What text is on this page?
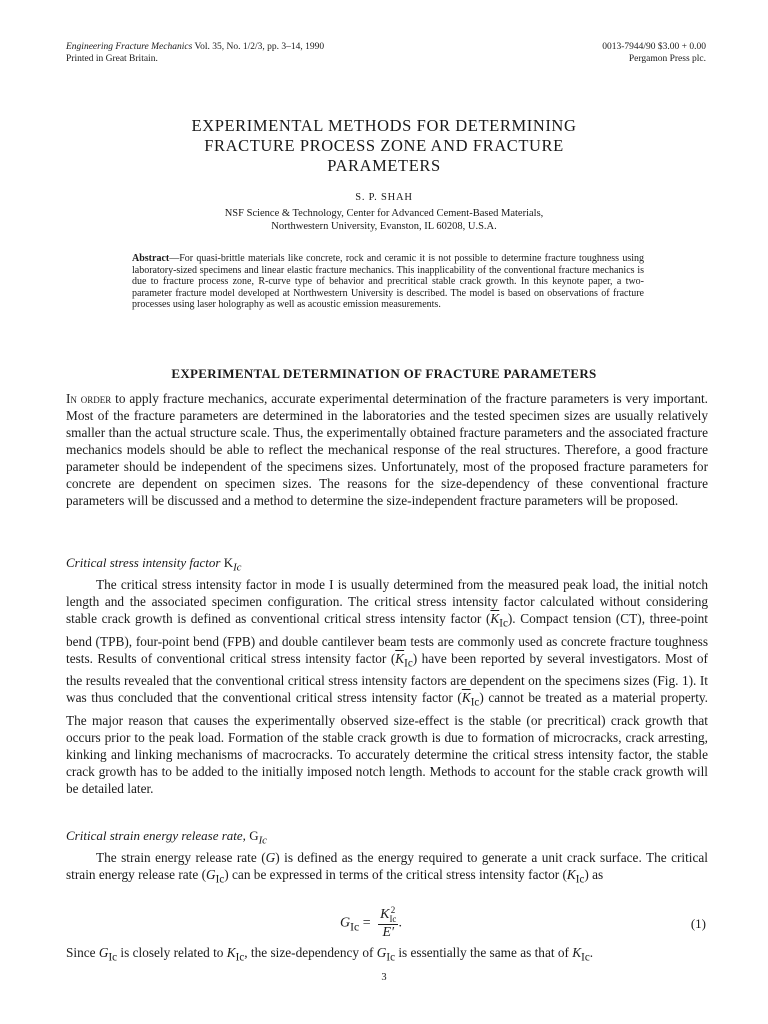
Engineering Fracture Mechanics Vol. 35, No. 1/2/3, pp. 3–14, 1990
Printed in Great Britain.
0013-7944/90 $3.00 + 0.00
Pergamon Press plc.
EXPERIMENTAL METHODS FOR DETERMINING
FRACTURE PROCESS ZONE AND FRACTURE
PARAMETERS
S. P. SHAH
NSF Science & Technology, Center for Advanced Cement-Based Materials,
Northwestern University, Evanston, IL 60208, U.S.A.
Abstract—For quasi-brittle materials like concrete, rock and ceramic it is not possible to determine fracture toughness using laboratory-sized specimens and linear elastic fracture mechanics. This inapplicability of the conventional fracture mechanics is due to fracture process zone, R-curve type of behavior and precritical stable crack growth. In this keynote paper, a two-parameter fracture model developed at Northwestern University is described. The model is based on observations of fracture processes using laser holography as well as acoustic emission measurements.
EXPERIMENTAL DETERMINATION OF FRACTURE PARAMETERS
In order to apply fracture mechanics, accurate experimental determination of the fracture parameters is very important. Most of the fracture parameters are determined in the laboratories and the tested specimen sizes are usually relatively smaller than the actual structure scale. Thus, the experimentally obtained fracture parameters and the associated fracture mechanics models should be able to reflect the mechanical response of the real structures. Therefore, a good fracture parameter should be independent of the specimens sizes. Unfortunately, most of the proposed fracture parameters for concrete are dependent on specimen sizes. The reasons for the size-dependency of these conventional fracture parameters will be discussed and a method to determine the size-independent fracture parameters will be proposed.
Critical stress intensity factor $K_{Ic}$
The critical stress intensity factor in mode I is usually determined from the measured peak load, the initial notch length and the associated specimen configuration. The critical stress intensity factor calculated without considering stable crack growth is defined as conventional critical stress intensity factor $(\overline{K}_{Ic})$. Compact tension (CT), three-point bend (TPB), four-point bend (FPB) and double cantilever beam tests are commonly used as concrete fracture toughness tests. Results of conventional critical stress intensity factor $(\overline{K}_{Ic})$ have been reported by several investigators. Most of the results revealed that the conventional critical stress intensity factors are dependent on the specimens sizes (Fig. 1). It was thus concluded that the conventional critical stress intensity factor $(\overline{K}_{Ic})$ cannot be treated as a material property. The major reason that causes the experimentally observed size-effect is the stable (or precritical) crack growth that occurs prior to the peak load. Formation of the stable crack growth is due to formation of microcracks, crack arresting, kinking and linking mechanisms of macrocracks. To accurately determine the critical stress intensity factor, the stable crack growth has to be added to the initially imposed notch length. Methods to account for the stable crack growth will be detailed later.
Critical strain energy release rate, $G_{Ic}$
The strain energy release rate (G) is defined as the energy required to generate a unit crack surface. The critical strain energy release rate $(G_{Ic})$ can be expressed in terms of the critical stress intensity factor $(K_{Ic})$ as
$G_{Ic} = K$ 2
Ic
E′ .	(1)
Since $G_{Ic}$ is closely related to $K_{Ic}$, the size-dependency of $G_{Ic}$ is essentially the same as that of $K_{Ic}$.
3
